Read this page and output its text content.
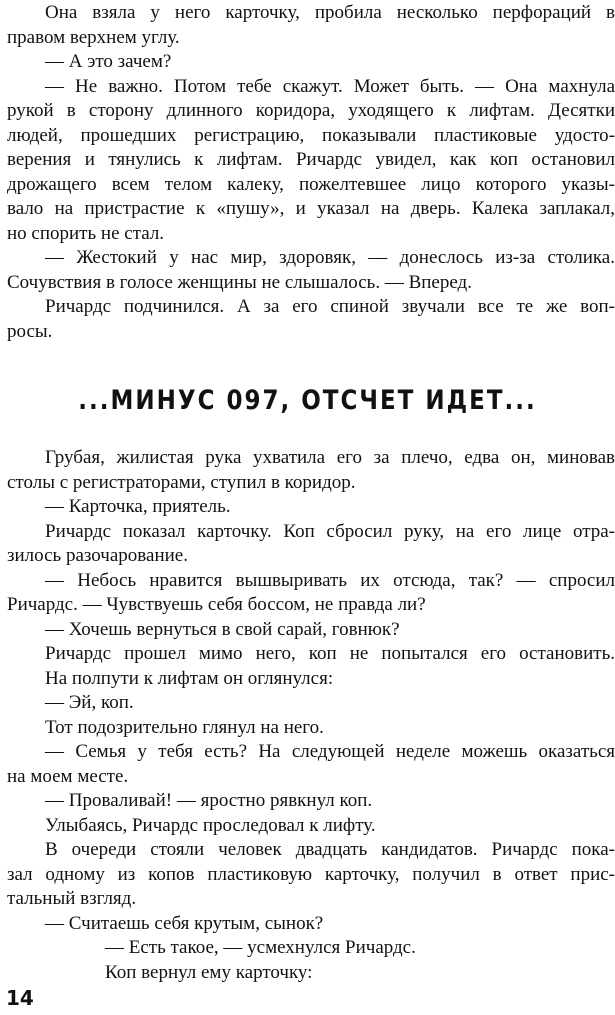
Она взяла у него карточку, пробила несколько перфораций в
правом верхнем углу.
— А это зачем?
— Не важно. Потом тебе скажут. Может быть. — Она махнула
рукой в сторону длинного коридора, уходящего к лифтам. Десятки
людей, прошедших регистрацию, показывали пластиковые удосто-
верения и тянулись к лифтам. Ричардс увидел, как коп остановил
дрожащего всем телом калеку, пожелтевшее лицо которого указы-
вало на пристрастие к «пушу», и указал на дверь. Калека заплакал,
но спорить не стал.
— Жестокий у нас мир, здоровяк, — донеслось из-за столика.
Сочувствия в голосе женщины не слышалось. — Вперед.
Ричардс подчинился. А за его спиной звучали все те же воп-
росы.
...МИНУС 097, ОТСЧЕТ ИДЕТ...
Грубая, жилистая рука ухватила его за плечо, едва он, миновав
столы с регистраторами, ступил в коридор.
— Карточка, приятель.
Ричардс показал карточку. Коп сбросил руку, на его лице отра-
зилось разочарование.
— Небось нравится вышвыривать их отсюда, так? — спросил
Ричардс. — Чувствуешь себя боссом, не правда ли?
— Хочешь вернуться в свой сарай, говнюк?
Ричардс прошел мимо него, коп не попытался его остановить.
На полпути к лифтам он оглянулся:
— Эй, коп.
Тот подозрительно глянул на него.
— Семья у тебя есть? На следующей неделе можешь оказаться
на моем месте.
— Проваливай! — яростно рявкнул коп.
Улыбаясь, Ричардс проследовал к лифту.
В очереди стояли человек двадцать кандидатов. Ричардс пока-
зал одному из копов пластиковую карточку, получил в ответ прис-
тальный взгляд.
— Считаешь себя крутым, сынок?
— Есть такое, — усмехнулся Ричардс.
Коп вернул ему карточку:
14
